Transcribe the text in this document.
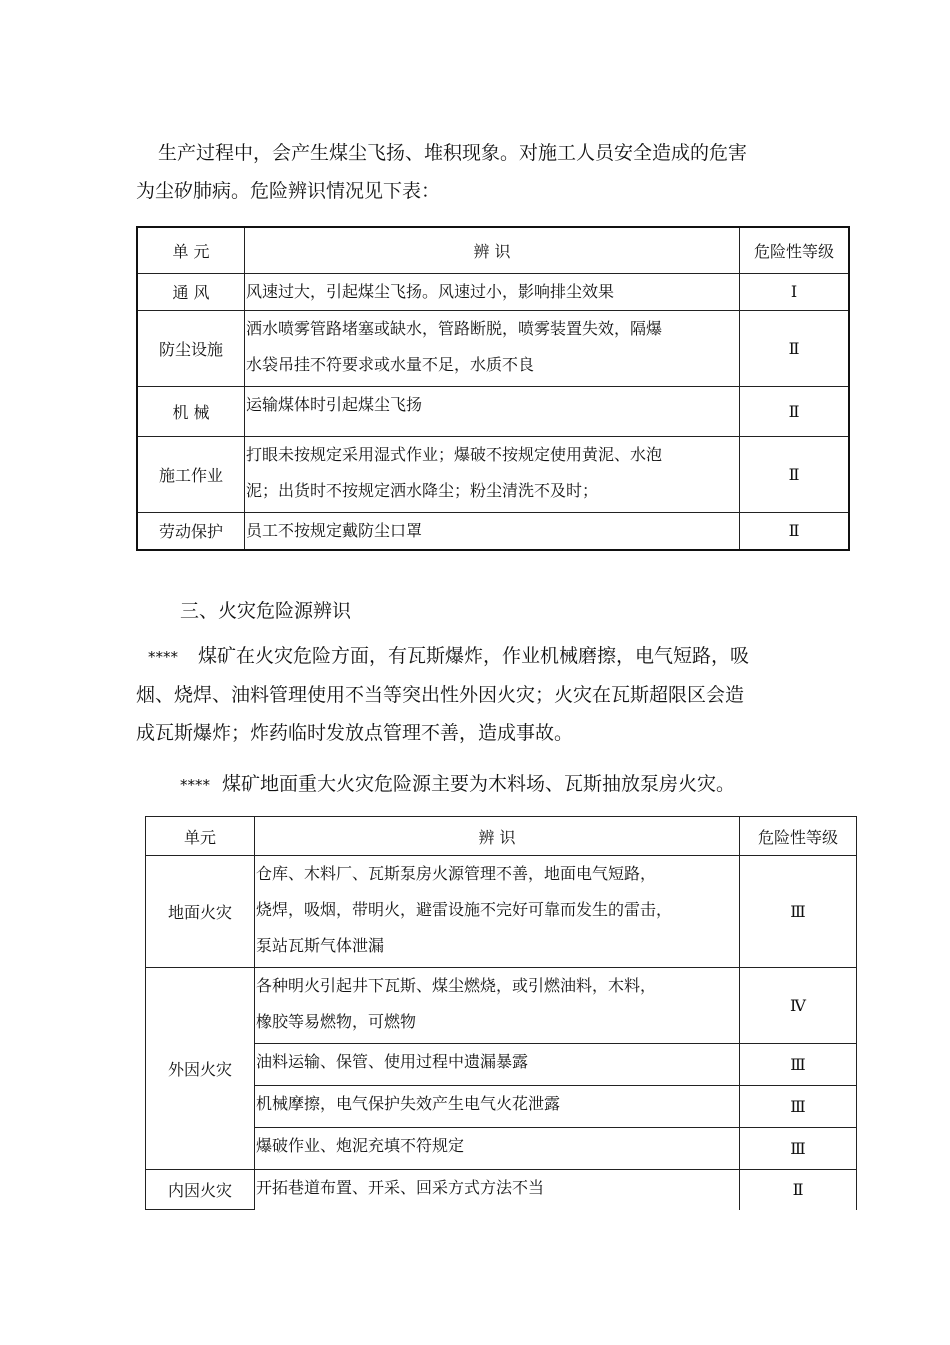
生产过程中，会产生煤尘飞扬、堆积现象。对施工人员安全造成的危害
为尘矽肺病。危险辨识情况见下表：

单 元	辨 识	危险性等级
通 风	风速过大，引起煤尘飞扬。风速过小，影响排尘效果	Ⅰ
防尘设施	洒水喷雾管路堵塞或缺水，管路断脱，喷雾装置失效，隔爆
水袋吊挂不符要求或水量不足，水质不良	Ⅱ
机 械	运输煤体时引起煤尘飞扬	Ⅱ
施工作业	打眼未按规定采用湿式作业；爆破不按规定使用黄泥、水泡
泥；出货时不按规定洒水降尘；粉尘清洗不及时；	Ⅱ
劳动保护	员工不按规定戴防尘口罩	Ⅱ

三、火灾危险源辨识

**** 煤矿在火灾危险方面，有瓦斯爆炸，作业机械磨擦，电气短路，吸
烟、烧焊、油料管理使用不当等突出性外因火灾；火灾在瓦斯超限区会造
成瓦斯爆炸；炸药临时发放点管理不善，造成事故。

**** 煤矿地面重大火灾危险源主要为木料场、瓦斯抽放泵房火灾。

单元	辨 识	危险性等级
地面火灾	仓库、木料厂、瓦斯泵房火源管理不善，地面电气短路，
烧焊，吸烟，带明火，避雷设施不完好可靠而发生的雷击，
泵站瓦斯气体泄漏	Ⅲ
外因火灾	各种明火引起井下瓦斯、煤尘燃烧，或引燃油料，木料，
橡胶等易燃物，可燃物	Ⅳ
	油料运输、保管、使用过程中遗漏暴露	Ⅲ
	机械摩擦，电气保护失效产生电气火花泄露	Ⅲ
	爆破作业、炮泥充填不符规定	Ⅲ
内因火灾	开拓巷道布置、开采、回采方式方法不当	Ⅱ
